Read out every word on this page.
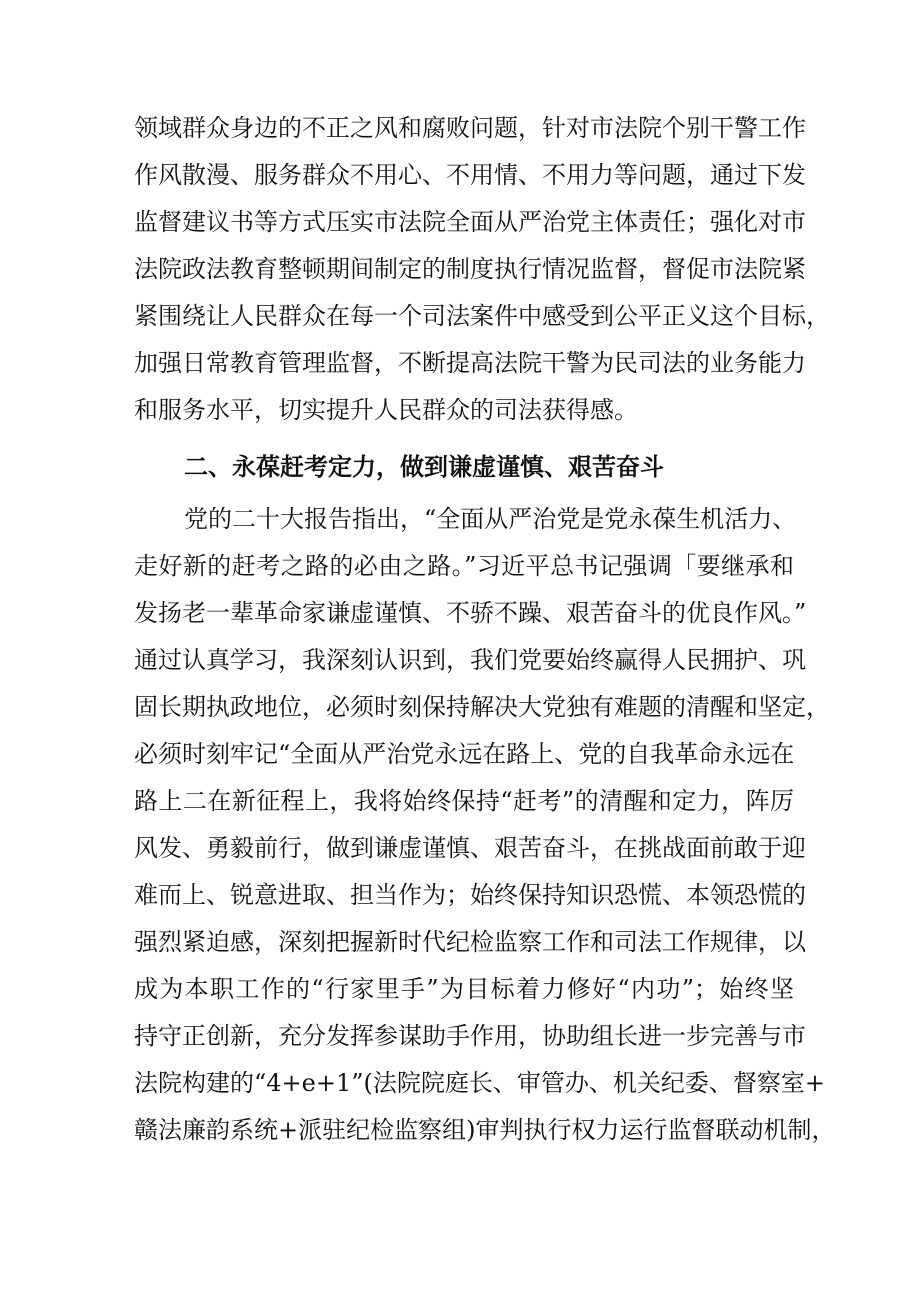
领域群众身边的不正之风和腐败问题，针对市法院个别干警工作
作风散漫、服务群众不用心、不用情、不用力等问题，通过下发
监督建议书等方式压实市法院全面从严治党主体责任；强化对市
法院政法教育整顿期间制定的制度执行情况监督，督促市法院紧
紧围绕让人民群众在每一个司法案件中感受到公平正义这个目标，
加强日常教育管理监督，不断提高法院干警为民司法的业务能力
和服务水平，切实提升人民群众的司法获得感。
二、永葆赶考定力，做到谦虚谨慎、艰苦奋斗
党的二十大报告指出，“全面从严治党是党永葆生机活力、
走好新的赶考之路的必由之路。”习近平总书记强调「要继承和
发扬老一辈革命家谦虚谨慎、不骄不躁、艰苦奋斗的优良作风。”
通过认真学习，我深刻认识到，我们党要始终赢得人民拥护、巩
固长期执政地位，必须时刻保持解决大党独有难题的清醒和坚定，
必须时刻牢记“全面从严治党永远在路上、党的自我革命永远在
路上二在新征程上，我将始终保持“赶考”的清醒和定力，阵厉
风发、勇毅前行，做到谦虚谨慎、艰苦奋斗，在挑战面前敢于迎
难而上、锐意进取、担当作为；始终保持知识恐慌、本领恐慌的
强烈紧迫感，深刻把握新时代纪检监察工作和司法工作规律，以
成为本职工作的“行家里手”为目标着力修好“内功”；始终坚
持守正创新，充分发挥参谋助手作用，协助组长进一步完善与市
法院构建的“4+e+1”(法院院庭长、审管办、机关纪委、督察室+
赣法廉韵系统+派驻纪检监察组)审判执行权力运行监督联动机制，
